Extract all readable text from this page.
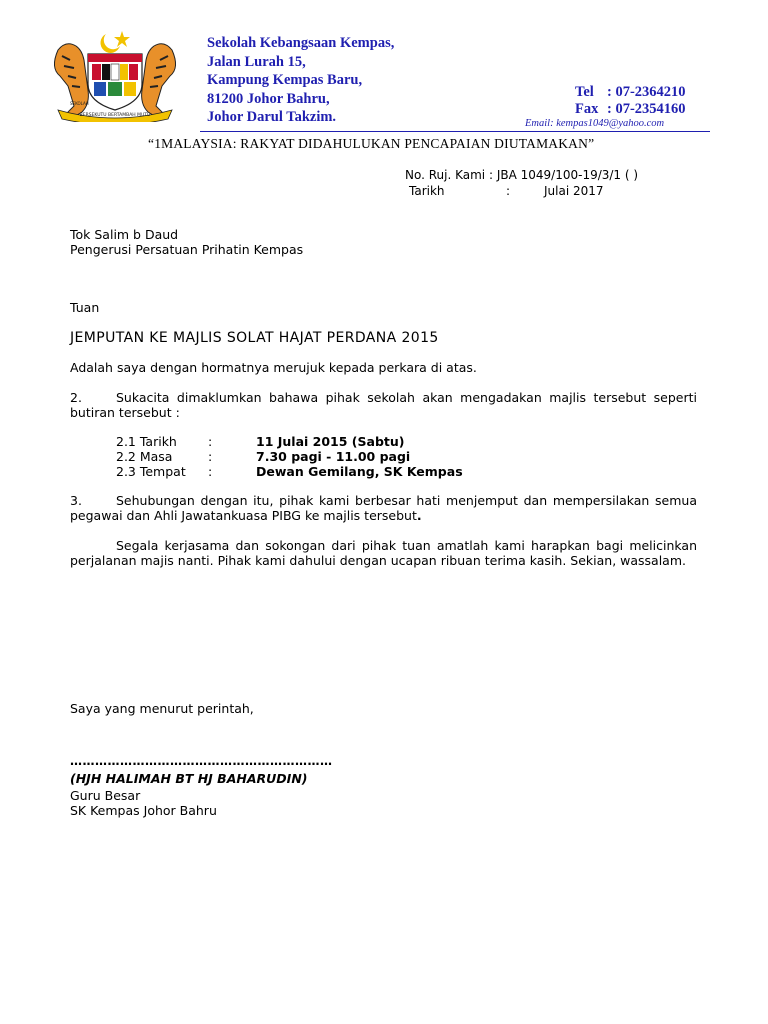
BERSEKUTU BERTAMBAH MUTU
SEKOLAH
Sekolah Kebangsaan Kempas,
Jalan Lurah 15,
Kampung Kempas Baru,
81200 Johor Bahru,
Johor Darul Takzim.
Tel : 07-2364210
Fax : 07-2354160
Email: kempas1049@yahoo.com
“1MALAYSIA: RAKYAT DIDAHULUKAN PENCAPAIAN DIUTAMAKAN”
No. Ruj. Kami : JBA 1049/100-19/3/1 ( )
Tarikh	:	Julai 2017
Tok Salim b Daud
Pengerusi Persatuan Prihatin Kempas
Tuan
JEMPUTAN KE MAJLIS SOLAT HAJAT PERDANA 2015
Adalah saya dengan hormatnya merujuk kepada perkara di atas.
2.	Sukacita dimaklumkan bahawa pihak sekolah akan mengadakan majlis tersebut seperti butiran tersebut :
2.1 Tarikh :	11 Julai 2015 (Sabtu)
2.2 Masa	:	7.30 pagi - 11.00 pagi
2.3 Tempat :	Dewan Gemilang, SK Kempas
3.	Sehubungan dengan itu, pihak kami berbesar hati menjemput dan mempersilakan semua pegawai dan Ahli Jawatankuasa PIBG ke majlis tersebut.
Segala kerjasama dan sokongan dari pihak tuan amatlah kami harapkan bagi melicinkan perjalanan majis nanti. Pihak kami dahului dengan ucapan ribuan terima kasih. Sekian, wassalam.
Saya yang menurut perintah,
………………………………………………………
(HJH HALIMAH BT HJ BAHARUDIN)
Guru Besar
SK Kempas Johor Bahru
